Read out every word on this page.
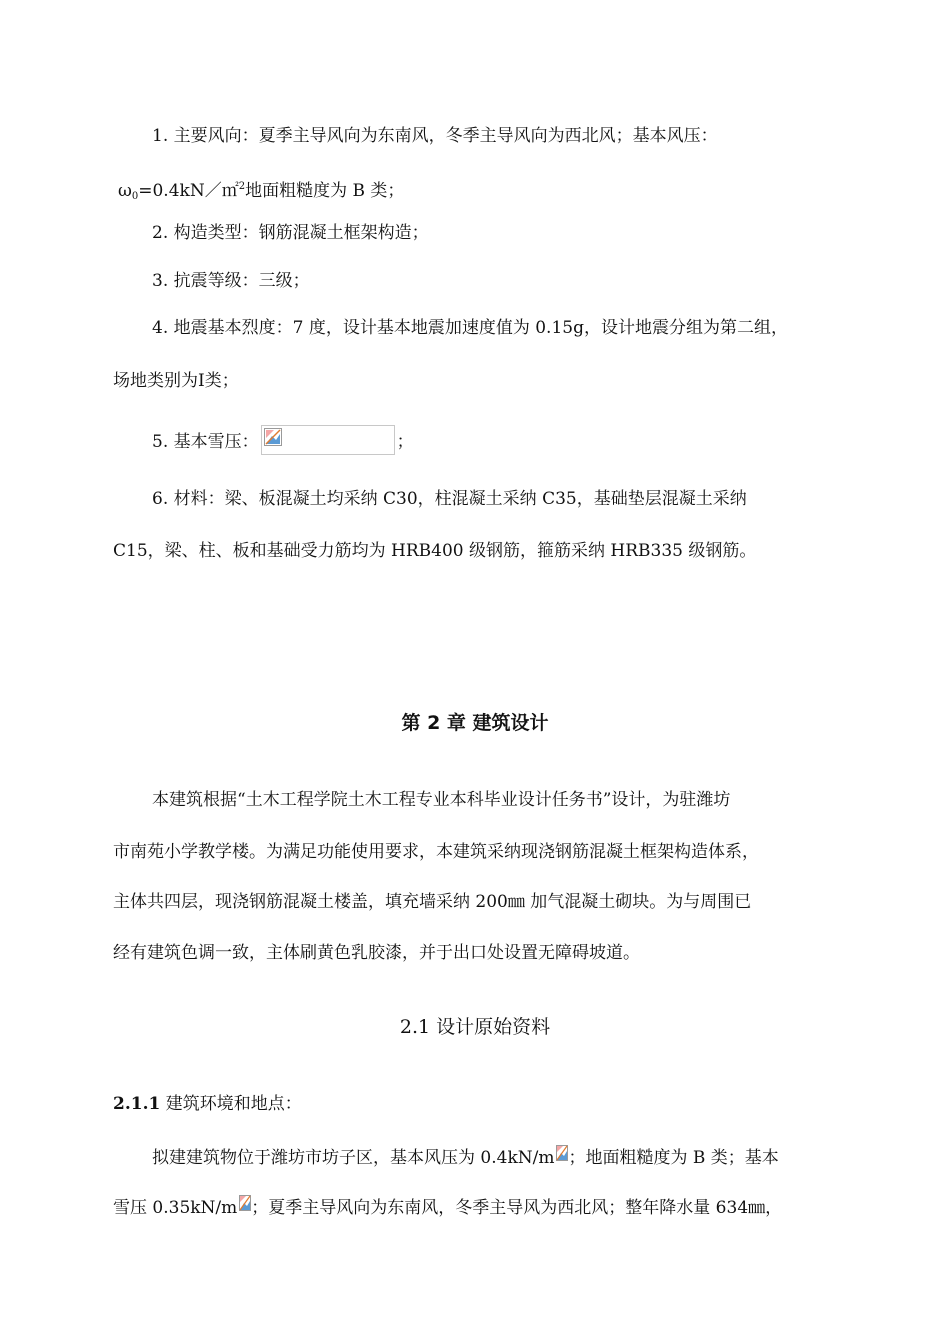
1. 主要风向：夏季主导风向为东南风，冬季主导风向为西北风；基本风压：
$\omega_0=0.4kN/㎡^2$地面粗糙度为 B 类；
2. 构造类型：钢筋混凝土框架构造；
3. 抗震等级：三级；
4. 地震基本烈度：7 度，设计基本地震加速度值为 0.15g，设计地震分组为第二组，
场地类别为Ⅰ类；
5. 基本雪压：	；
6. 材料：梁、板混凝土均采纳 C30，柱混凝土采纳 C35，基础垫层混凝土采纳
C15，梁、柱、板和基础受力筋均为 HRB400 级钢筋，箍筋采纳 HRB335 级钢筋。
第 2 章 建筑设计
本建筑根据“土木工程学院土木工程专业本科毕业设计任务书”设计，为驻潍坊
市南苑小学教学楼。为满足功能使用要求，本建筑采纳现浇钢筋混凝土框架构造体系，
主体共四层，现浇钢筋混凝土楼盖，填充墙采纳 200㎜ 加气混凝土砌块。为与周围已
经有建筑色调一致，主体刷黄色乳胶漆，并于出口处设置无障碍坡道。
2.1 设计原始资料
2.1.1 建筑环境和地点：
拟建建筑物位于潍坊市坊子区，基本风压为 0.4kN/m ；地面粗糙度为 B 类；基本
雪压 0.35kN/m ；夏季主导风向为东南风，冬季主导风为西北风；整年降水量 634㎜，
